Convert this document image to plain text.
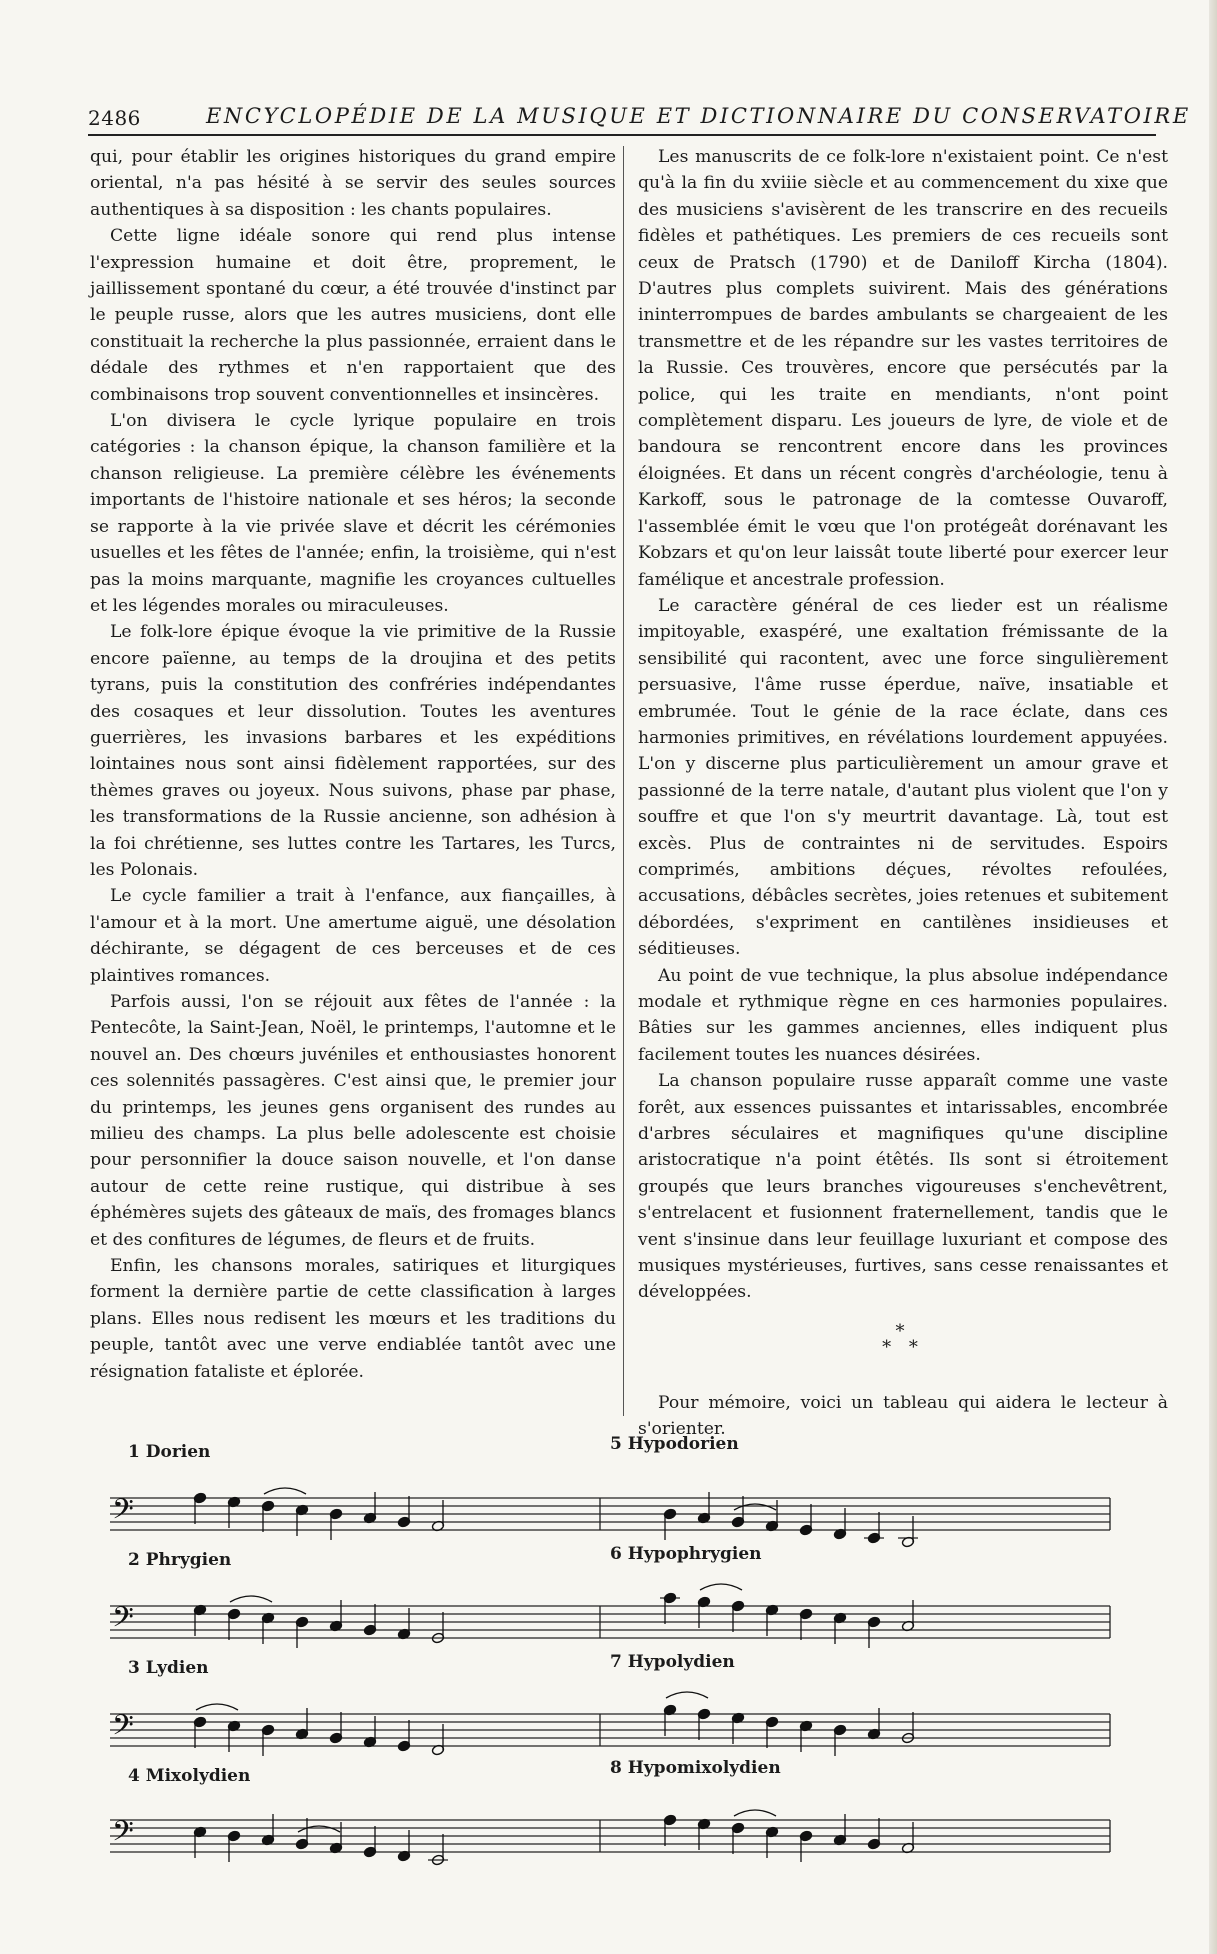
2486	ENCYCLOPÉDIE DE LA MUSIQUE ET DICTIONNAIRE DU CONSERVATOIRE

qui, pour établir les origines historiques du grand empire oriental, n'a pas hésité à se servir des seules sources authentiques à sa disposition : les chants populaires.

Cette ligne idéale sonore qui rend plus intense l'expression humaine et doit être, proprement, le jaillissement spontané du cœur, a été trouvée d'instinct par le peuple russe, alors que les autres musiciens, dont elle constituait la recherche la plus passionnée, erraient dans le dédale des rythmes et n'en rapportaient que des combinaisons trop souvent conventionnelles et insincères.

L'on divisera le cycle lyrique populaire en trois catégories : la chanson épique, la chanson familière et la chanson religieuse. La première célèbre les événements importants de l'histoire nationale et ses héros; la seconde se rapporte à la vie privée slave et décrit les cérémonies usuelles et les fêtes de l'année; enfin, la troisième, qui n'est pas la moins marquante, magnifie les croyances cultuelles et les légendes morales ou miraculeuses.

Le folk-lore épique évoque la vie primitive de la Russie encore païenne, au temps de la droujina et des petits tyrans, puis la constitution des confréries indépendantes des cosaques et leur dissolution. Toutes les aventures guerrières, les invasions barbares et les expéditions lointaines nous sont ainsi fidèlement rapportées, sur des thèmes graves ou joyeux. Nous suivons, phase par phase, les transformations de la Russie ancienne, son adhésion à la foi chrétienne, ses luttes contre les Tartares, les Turcs, les Polonais.

Le cycle familier a trait à l'enfance, aux fiançailles, à l'amour et à la mort. Une amertume aiguë, une désolation déchirante, se dégagent de ces berceuses et de ces plaintives romances.

Parfois aussi, l'on se réjouit aux fêtes de l'année : la Pentecôte, la Saint-Jean, Noël, le printemps, l'automne et le nouvel an. Des chœurs juvéniles et enthousiastes honorent ces solennités passagères. C'est ainsi que, le premier jour du printemps, les jeunes gens organisent des rundes au milieu des champs. La plus belle adolescente est choisie pour personnifier la douce saison nouvelle, et l'on danse autour de cette reine rustique, qui distribue à ses éphémères sujets des gâteaux de maïs, des fromages blancs et des confitures de légumes, de fleurs et de fruits.

Enfin, les chansons morales, satiriques et liturgiques forment la dernière partie de cette classification à larges plans. Elles nous redisent les mœurs et les traditions du peuple, tantôt avec une verve endiablée tantôt avec une résignation fataliste et éplorée.

Les manuscrits de ce folk-lore n'existaient point. Ce n'est qu'à la fin du xviiie siècle et au commencement du xixe que des musiciens s'avisèrent de les transcrire en des recueils fidèles et pathétiques. Les premiers de ces recueils sont ceux de Pratsch (1790) et de Daniloff Kircha (1804). D'autres plus complets suivirent. Mais des générations ininterrompues de bardes ambulants se chargeaient de les transmettre et de les répandre sur les vastes territoires de la Russie. Ces trouvères, encore que persécutés par la police, qui les traite en mendiants, n'ont point complètement disparu. Les joueurs de lyre, de viole et de bandoura se rencontrent encore dans les provinces éloignées. Et dans un récent congrès d'archéologie, tenu à Karkoff, sous le patronage de la comtesse Ouvaroff, l'assemblée émit le vœu que l'on protégeât dorénavant les Kobzars et qu'on leur laissât toute liberté pour exercer leur famélique et ancestrale profession.

Le caractère général de ces lieder est un réalisme impitoyable, exaspéré, une exaltation frémissante de la sensibilité qui racontent, avec une force singulièrement persuasive, l'âme russe éperdue, naïve, insatiable et embrumée. Tout le génie de la race éclate, dans ces harmonies primitives, en révélations lourdement appuyées. L'on y discerne plus particulièrement un amour grave et passionné de la terre natale, d'autant plus violent que l'on y souffre et que l'on s'y meurtrit davantage. Là, tout est excès. Plus de contraintes ni de servitudes. Espoirs comprimés, ambitions déçues, révoltes refoulées, accusations, débâcles secrètes, joies retenues et subitement débordées, s'expriment en cantilènes insidieuses et séditieuses.

Au point de vue technique, la plus absolue indépendance modale et rythmique règne en ces harmonies populaires. Bâties sur les gammes anciennes, elles indiquent plus facilement toutes les nuances désirées.

La chanson populaire russe apparaît comme une vaste forêt, aux essences puissantes et intarissables, encombrée d'arbres séculaires et magnifiques qu'une discipline aristocratique n'a point étêtés. Ils sont si étroitement groupés que leurs branches vigoureuses s'enchevêtrent, s'entrelacent et fusionnent fraternellement, tandis que le vent s'insinue dans leur feuillage luxuriant et compose des musiques mystérieuses, furtives, sans cesse renaissantes et développées.

*
* *

Pour mémoire, voici un tableau qui aidera le lecteur à s'orienter.

1 Dorien	5 Hypodorien
2 Phrygien	6 Hypophrygien
3 Lydien	7 Hypolydien
4 Mixolydien	8 Hypomixolydien
𝄢
𝄢
𝄢
𝄢
